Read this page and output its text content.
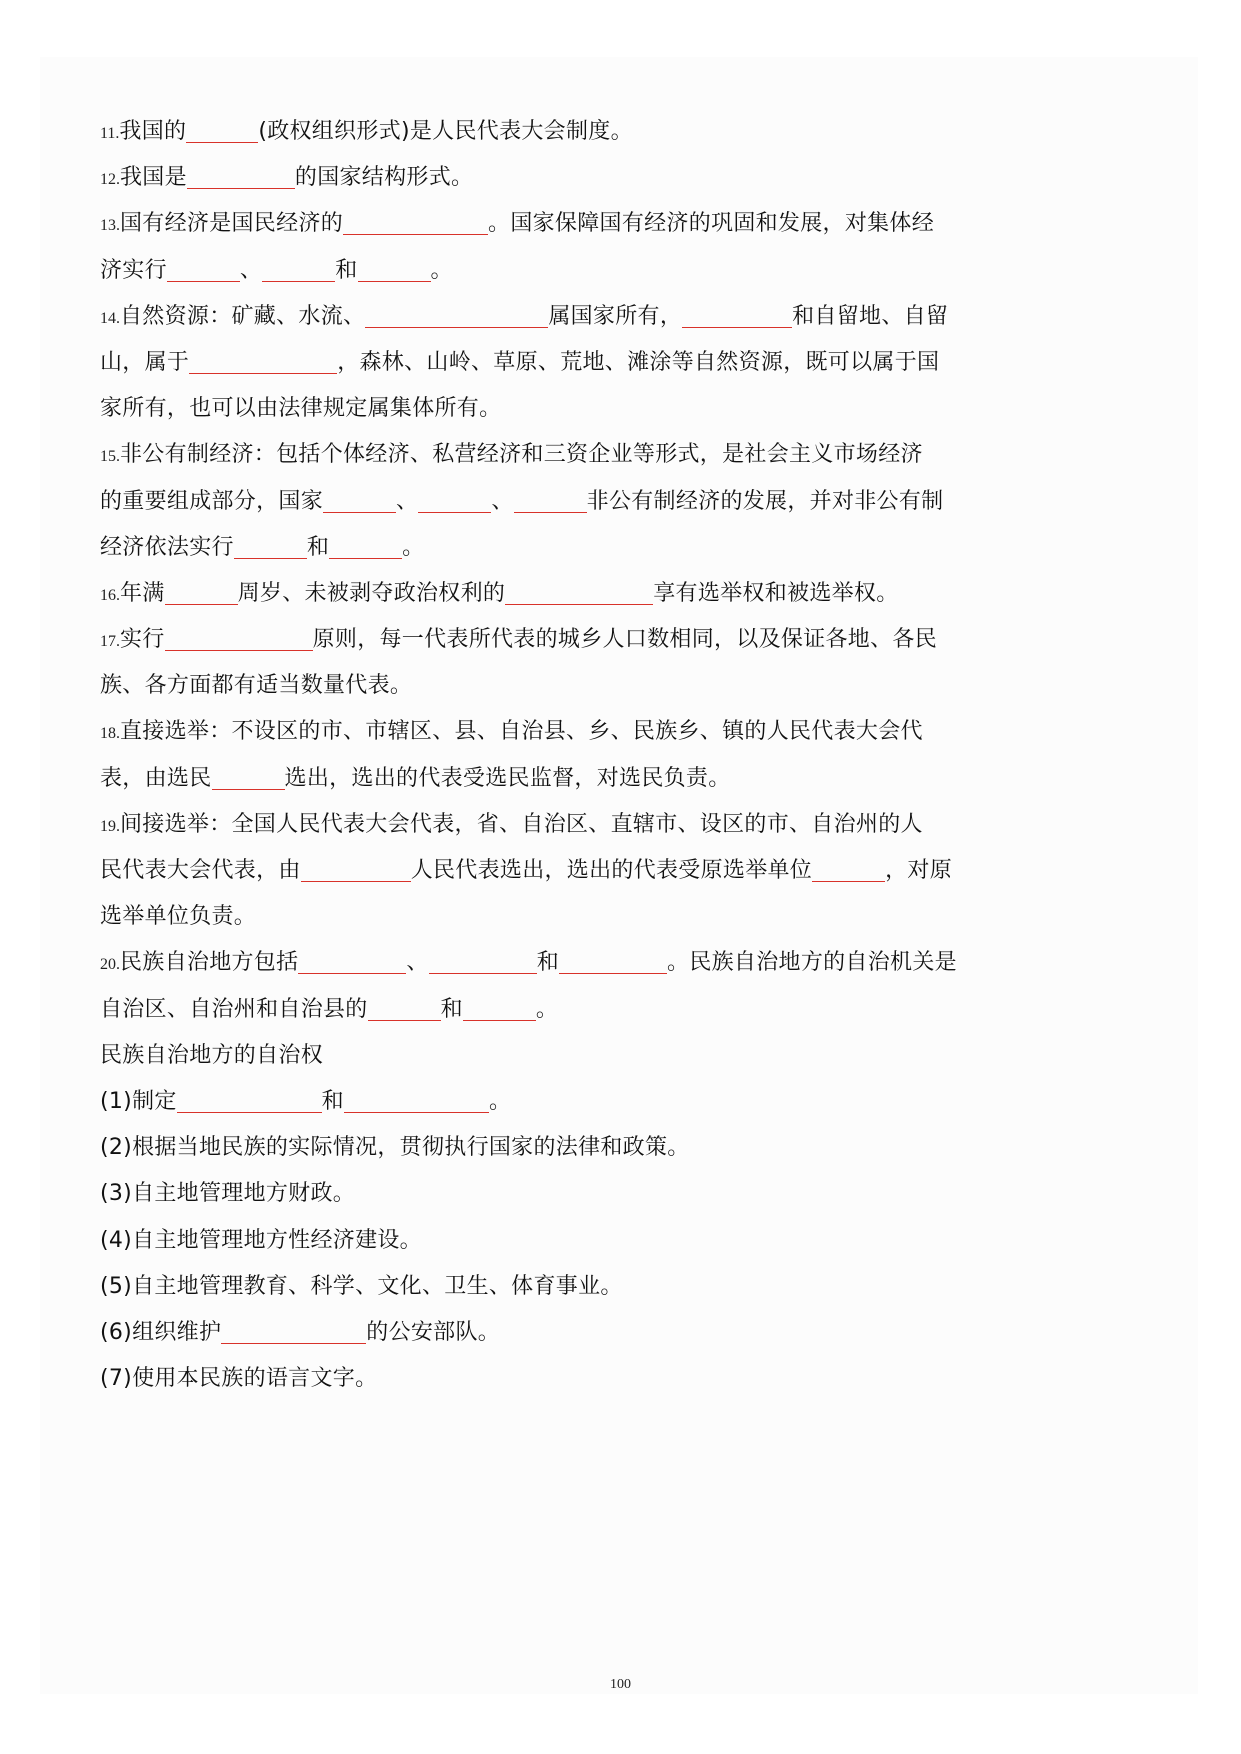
11.我国的	(政权组织形式)是人民代表大会制度。
12.我国是	的国家结构形式。
13.国有经济是国民经济的	。国家保障国有经济的巩固和发展，对集体经
济实行	、	和	。
14.自然资源：矿藏、水流、	属国家所有，	和自留地、自留
山，属于	，森林、山岭、草原、荒地、滩涂等自然资源，既可以属于国
家所有，也可以由法律规定属集体所有。
15.非公有制经济：包括个体经济、私营经济和三资企业等形式，是社会主义市场经济
的重要组成部分，国家	、	、	非公有制经济的发展，并对非公有制
经济依法实行	和	。
16.年满	周岁、未被剥夺政治权利的	享有选举权和被选举权。
17.实行	原则，每一代表所代表的城乡人口数相同，以及保证各地、各民
族、各方面都有适当数量代表。
18.直接选举：不设区的市、市辖区、县、自治县、乡、民族乡、镇的人民代表大会代
表，由选民	选出，选出的代表受选民监督，对选民负责。
19.间接选举：全国人民代表大会代表，省、自治区、直辖市、设区的市、自治州的人
民代表大会代表，由	人民代表选出，选出的代表受原选举单位	，对原
选举单位负责。
20.民族自治地方包括	、	和	。民族自治地方的自治机关是
自治区、自治州和自治县的	和	。
民族自治地方的自治权
(1)制定	和	。
(2)根据当地民族的实际情况，贯彻执行国家的法律和政策。
(3)自主地管理地方财政。
(4)自主地管理地方性经济建设。
(5)自主地管理教育、科学、文化、卫生、体育事业。
(6)组织维护	的公安部队。
(7)使用本民族的语言文字。
100
